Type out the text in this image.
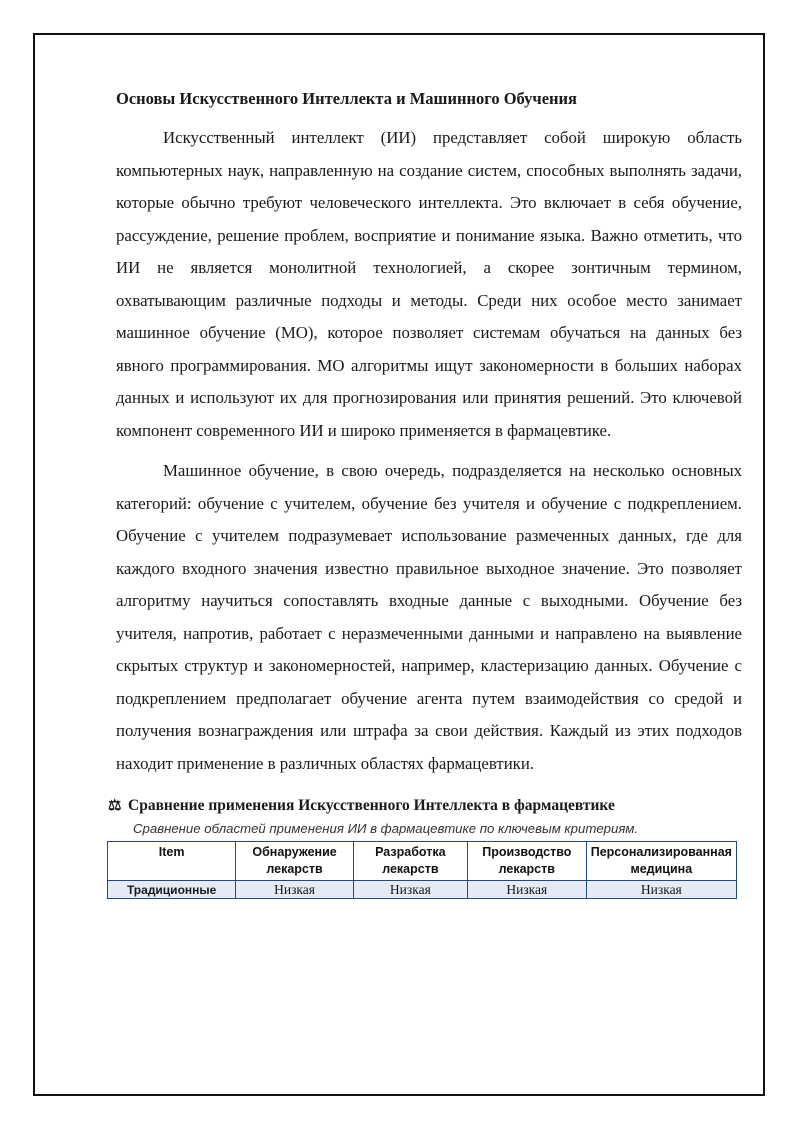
Основы Искусственного Интеллекта и Машинного Обучения

Искусственный интеллект (ИИ) представляет собой широкую область компьютерных наук, направленную на создание систем, способных выполнять задачи, которые обычно требуют человеческого интеллекта. Это включает в себя обучение, рассуждение, решение проблем, восприятие и понимание языка. Важно отметить, что ИИ не является монолитной технологией, а скорее зонтичным термином, охватывающим различные подходы и методы. Среди них особое место занимает машинное обучение (МО), которое позволяет системам обучаться на данных без явного программирования. МО алгоритмы ищут закономерности в больших наборах данных и используют их для прогнозирования или принятия решений. Это ключевой компонент современного ИИ и широко применяется в фармацевтике.

Машинное обучение, в свою очередь, подразделяется на несколько основных категорий: обучение с учителем, обучение без учителя и обучение с подкреплением. Обучение с учителем подразумевает использование размеченных данных, где для каждого входного значения известно правильное выходное значение. Это позволяет алгоритму научиться сопоставлять входные данные с выходными. Обучение без учителя, напротив, работает с неразмеченными данными и направлено на выявление скрытых структур и закономерностей, например, кластеризацию данных. Обучение с подкреплением предполагает обучение агента путем взаимодействия со средой и получения вознаграждения или штрафа за свои действия. Каждый из этих подходов находит применение в различных областях фармацевтики.

⚖ Сравнение применения Искусственного Интеллекта в фармацевтике
Сравнение областей применения ИИ в фармацевтике по ключевым критериям.
Item	Обнаружение лекарств	Разработка лекарств	Производство лекарств	Персонализированная медицина
Традиционные	Низкая	Низкая	Низкая	Низкая
